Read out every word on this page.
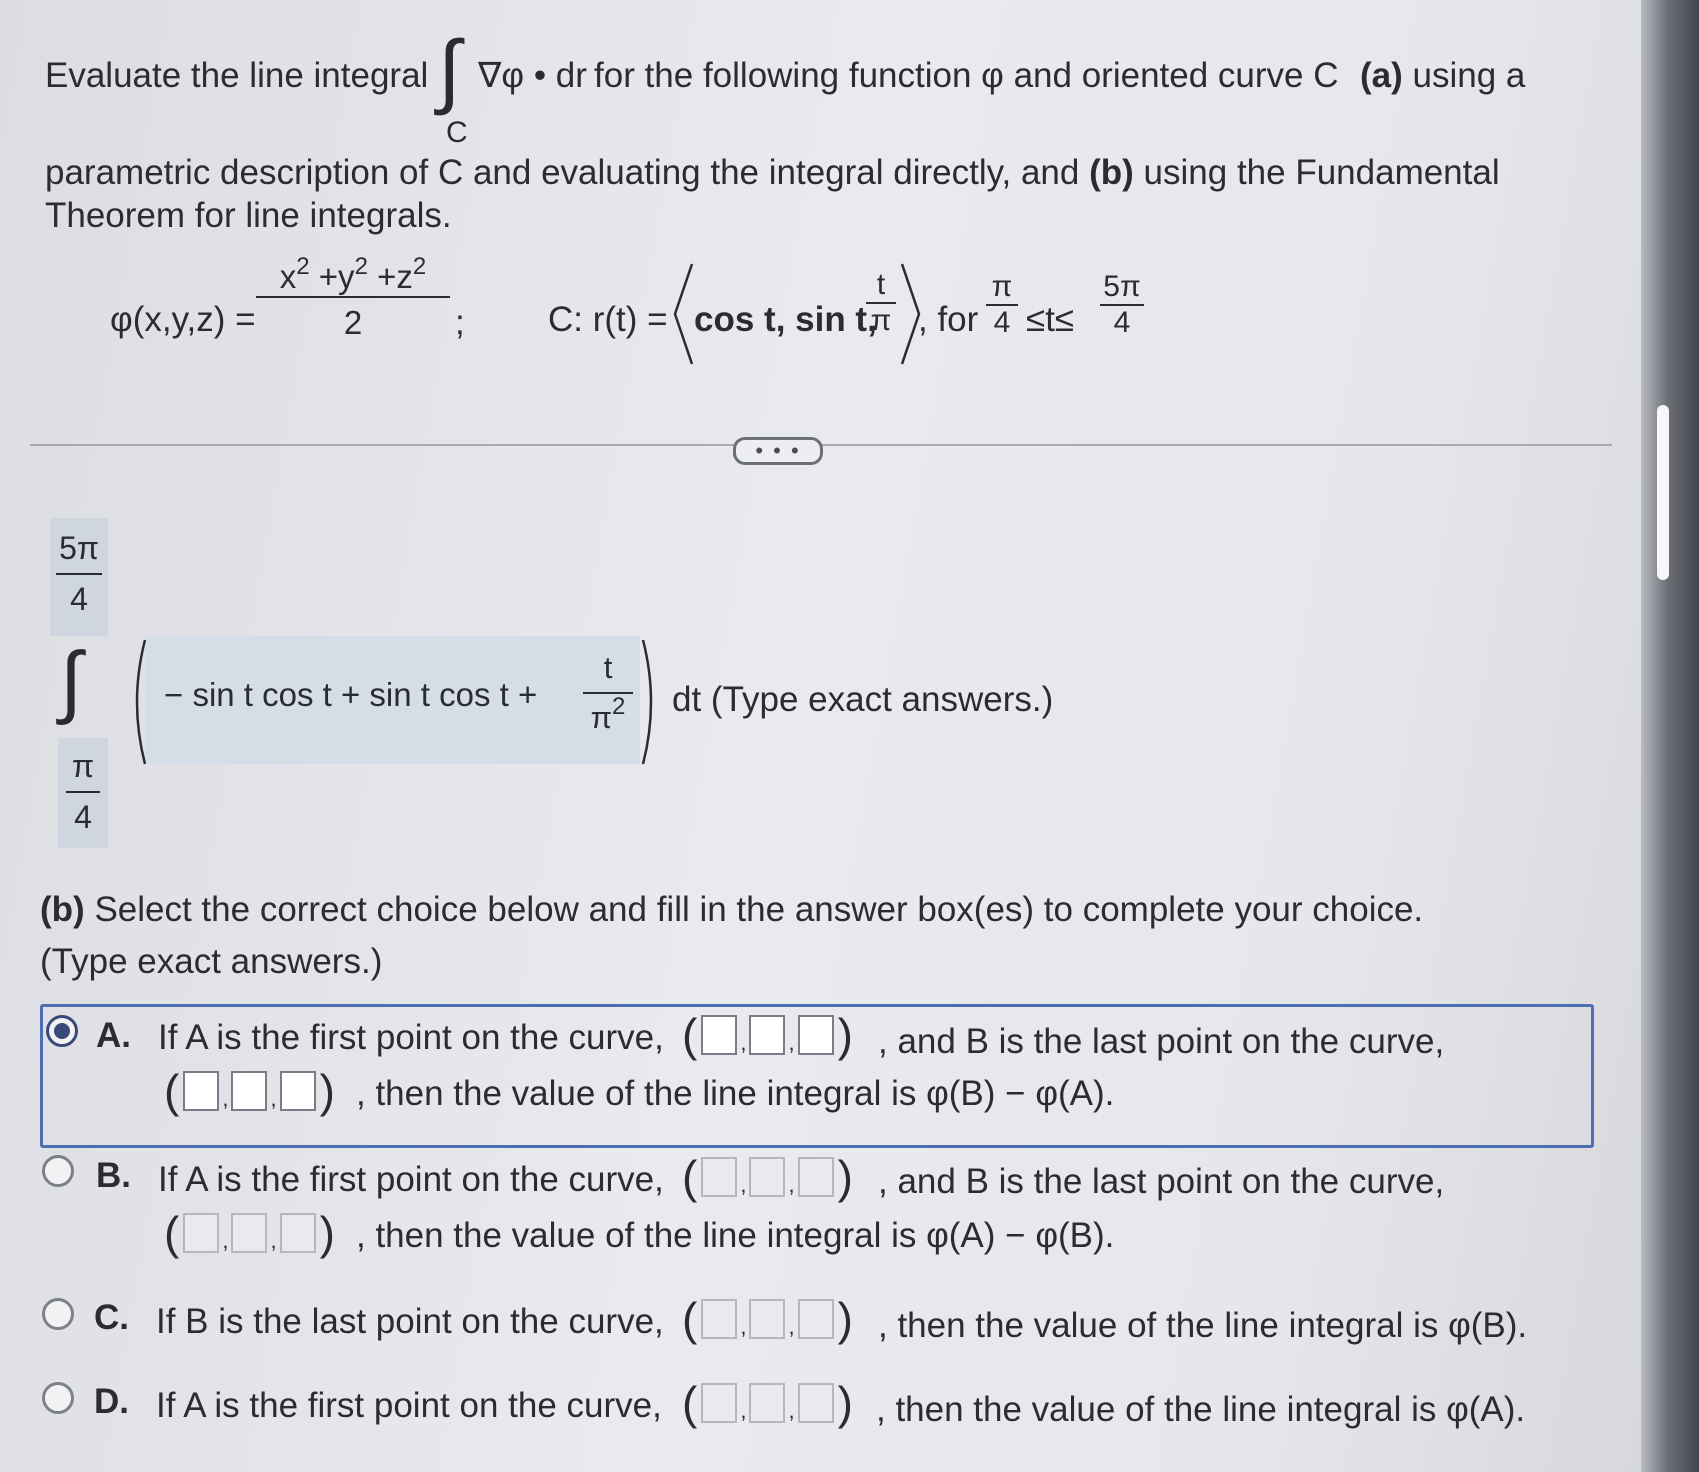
Evaluate the line integral ∫
C
∇φ • dr for the following function φ and oriented curve C (a) using a
parametric description of C and evaluating the integral directly, and (b) using the Fundamental
Theorem for line integrals.
φ(x,y,z) =
$x^2 +y^2 +z^2$
2	; C: r(t) = cos t, sin t,
t
π , for
π
4 ≤t≤
5π
4
• • •
5π
4
∫
π
4
− sin t cos t + sin t cos t +
t
$\pi^2$ dt (Type exact answers.)
(b) Select the correct choice below and fill in the answer box(es) to complete your choice.
(Type exact answers.)
A. If A is the first point on the curve, ( , , ) , and B is the last point on the curve,
( , , ) , then the value of the line integral is φ(B) − φ(A).
B. If A is the first point on the curve, ( , , ) , and B is the last point on the curve,
( , , ) , then the value of the line integral is φ(A) − φ(B).
C. If B is the last point on the curve, ( , , ) , then the value of the line integral is φ(B).
D. If A is the first point on the curve, ( , , ) , then the value of the line integral is φ(A).
